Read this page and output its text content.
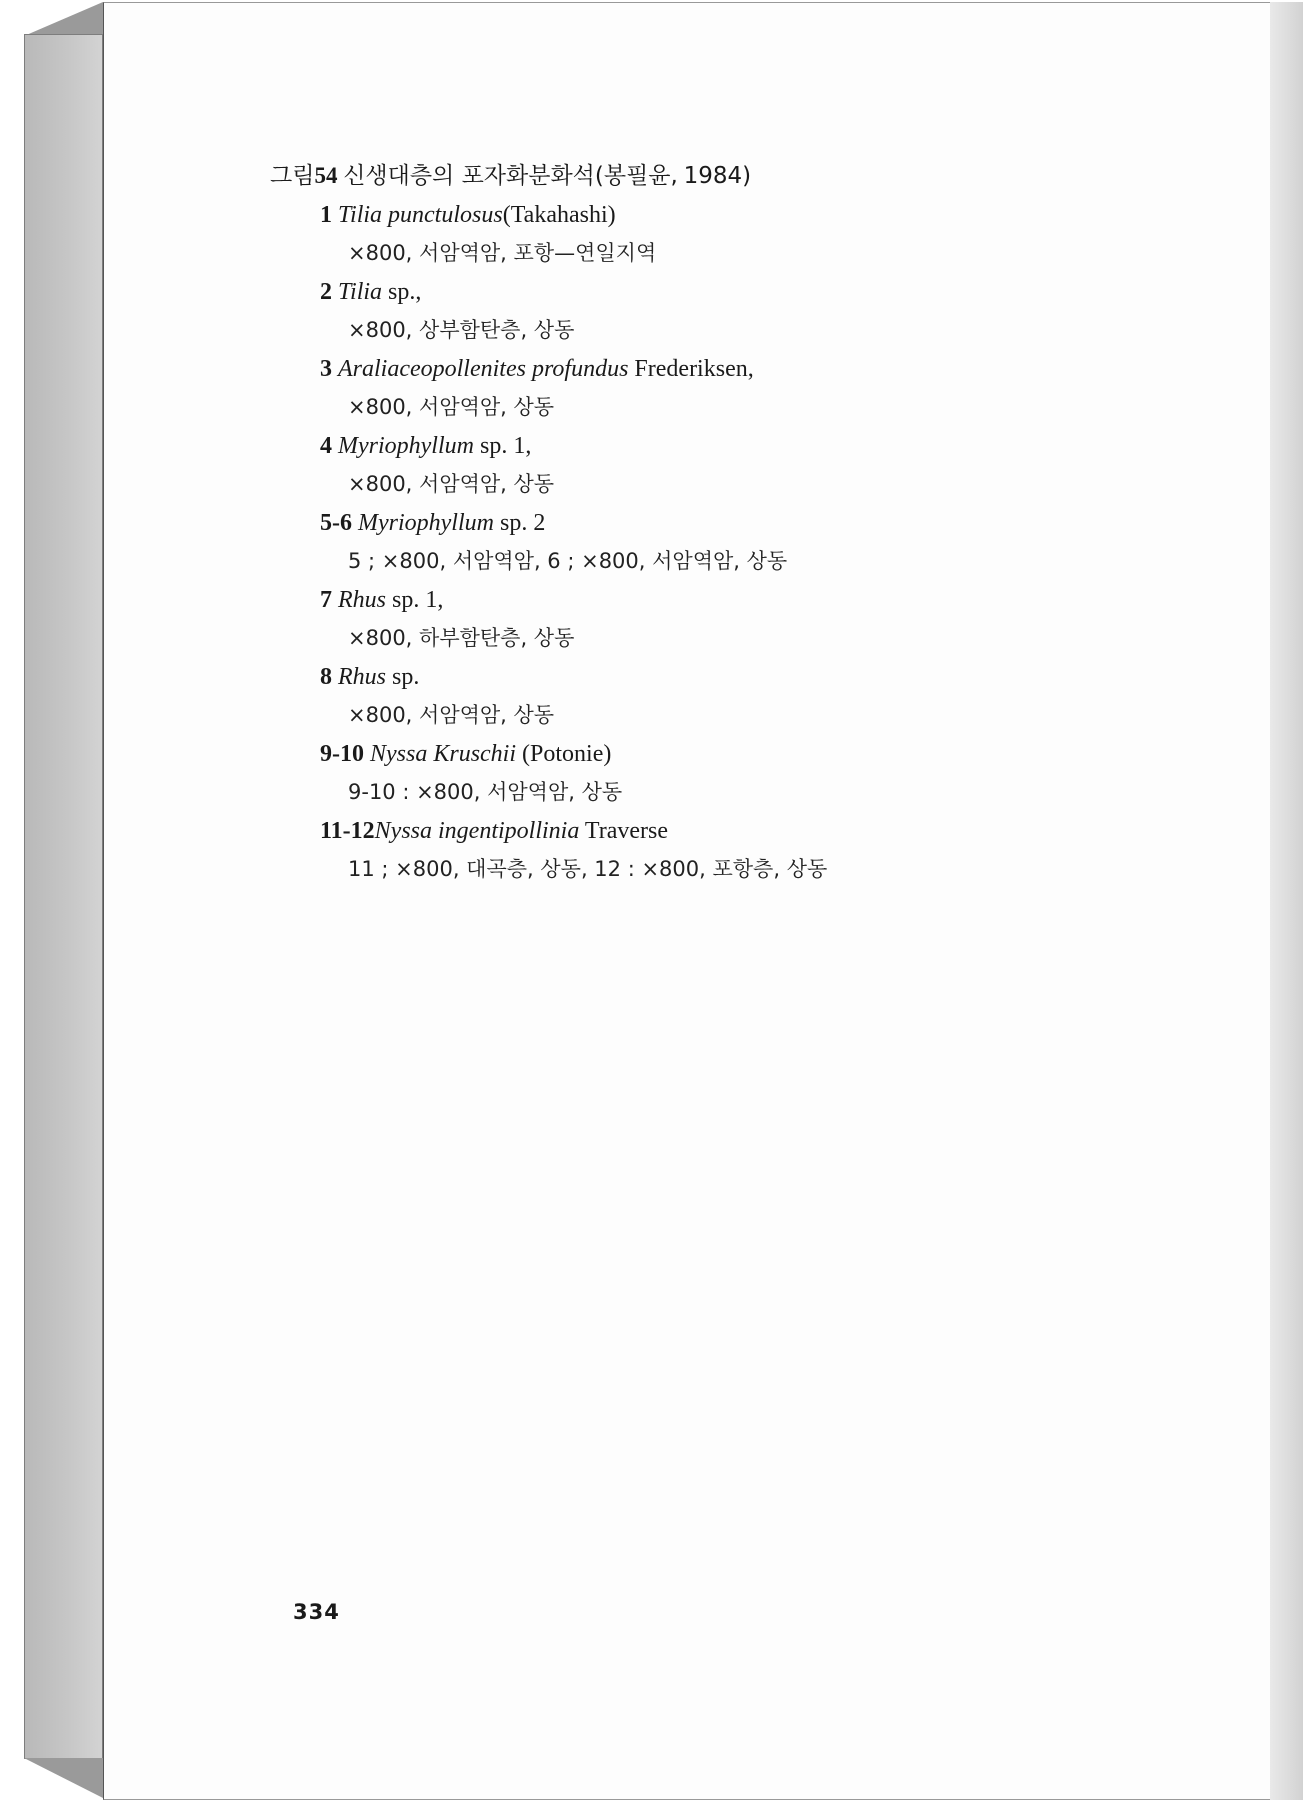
그림54 신생대층의 포자화분화석(봉필윤, 1984)
1 Tilia punctulosus(Takahashi)
×800, 서암역암, 포항—연일지역
2 Tilia sp.,
×800, 상부함탄층, 상동
3 Araliaceopollenites profundus Frederiksen,
×800, 서암역암, 상동
4 Myriophyllum sp. 1,
×800, 서암역암, 상동
5-6 Myriophyllum sp. 2
5 ; ×800, 서암역암, 6 ; ×800, 서암역암, 상동
7 Rhus sp. 1,
×800, 하부함탄층, 상동
8 Rhus sp.
×800, 서암역암, 상동
9-10 Nyssa Kruschii (Potonie)
9-10 : ×800, 서암역암, 상동
11-12Nyssa ingentipollinia Traverse
11 ; ×800, 대곡층, 상동, 12 : ×800, 포항층, 상동
334
